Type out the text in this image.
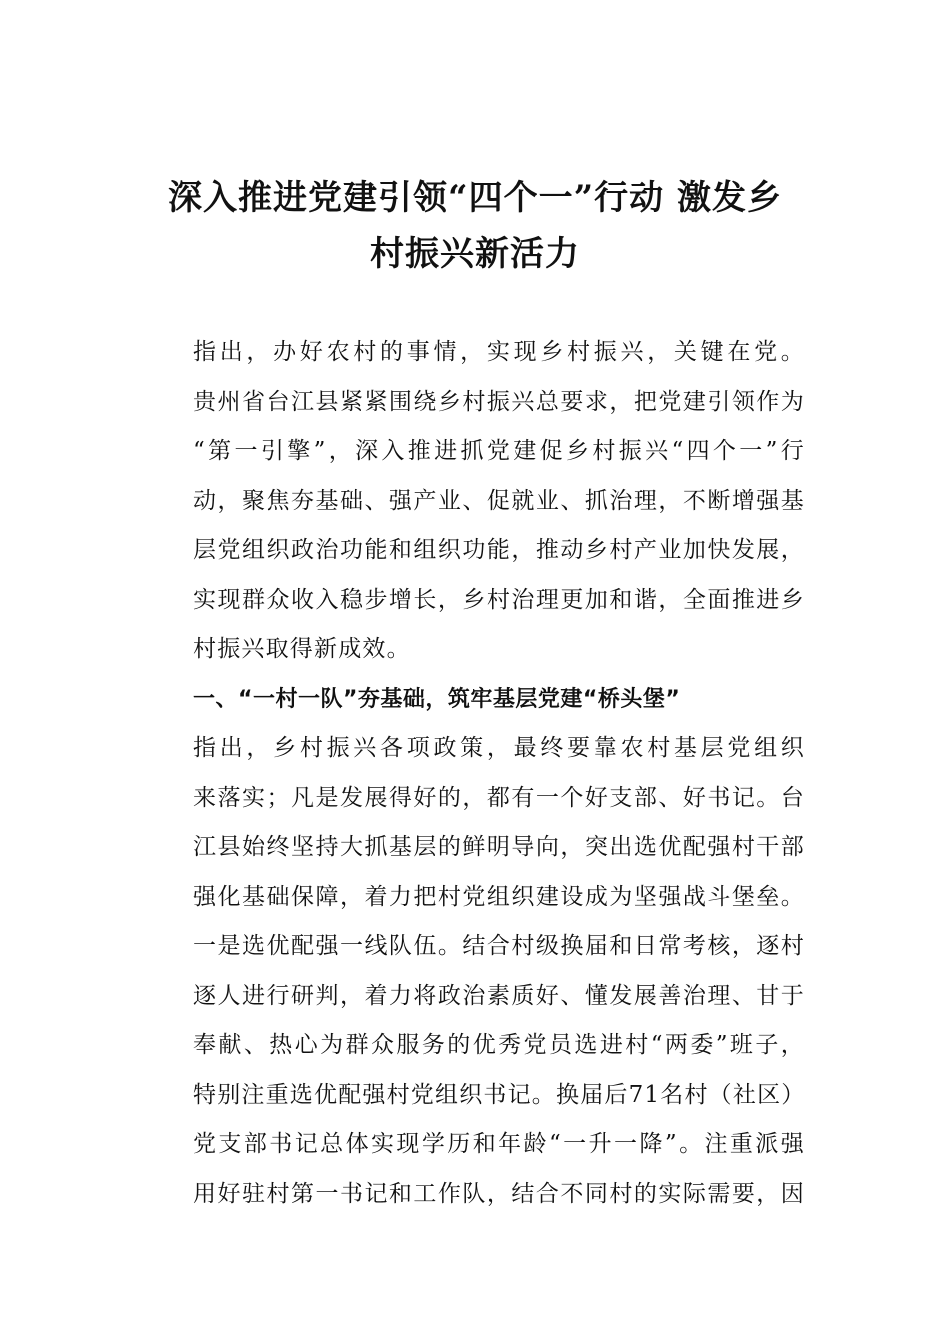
深入推进党建引领“四个一”行动 激发乡
村振兴新活力

指出，办好农村的事情，实现乡村振兴，关键在党。
贵州省台江县紧紧围绕乡村振兴总要求，把党建引领作为
“第一引擎”，深入推进抓党建促乡村振兴“四个一”行
动，聚焦夯基础、强产业、促就业、抓治理，不断增强基
层党组织政治功能和组织功能，推动乡村产业加快发展，
实现群众收入稳步增长，乡村治理更加和谐，全面推进乡
村振兴取得新成效。

一、“一村一队”夯基础，筑牢基层党建“桥头堡”

指出，乡村振兴各项政策，最终要靠农村基层党组织
来落实；凡是发展得好的，都有一个好支部、好书记。台
江县始终坚持大抓基层的鲜明导向，突出选优配强村干部
强化基础保障，着力把村党组织建设成为坚强战斗堡垒。
一是选优配强一线队伍。结合村级换届和日常考核，逐村
逐人进行研判，着力将政治素质好、懂发展善治理、甘于
奉献、热心为群众服务的优秀党员选进村“两委”班子，
特别注重选优配强村党组织书记。换届后71名村（社区）
党支部书记总体实现学历和年龄“一升一降”。注重派强
用好驻村第一书记和工作队，结合不同村的实际需要，因
